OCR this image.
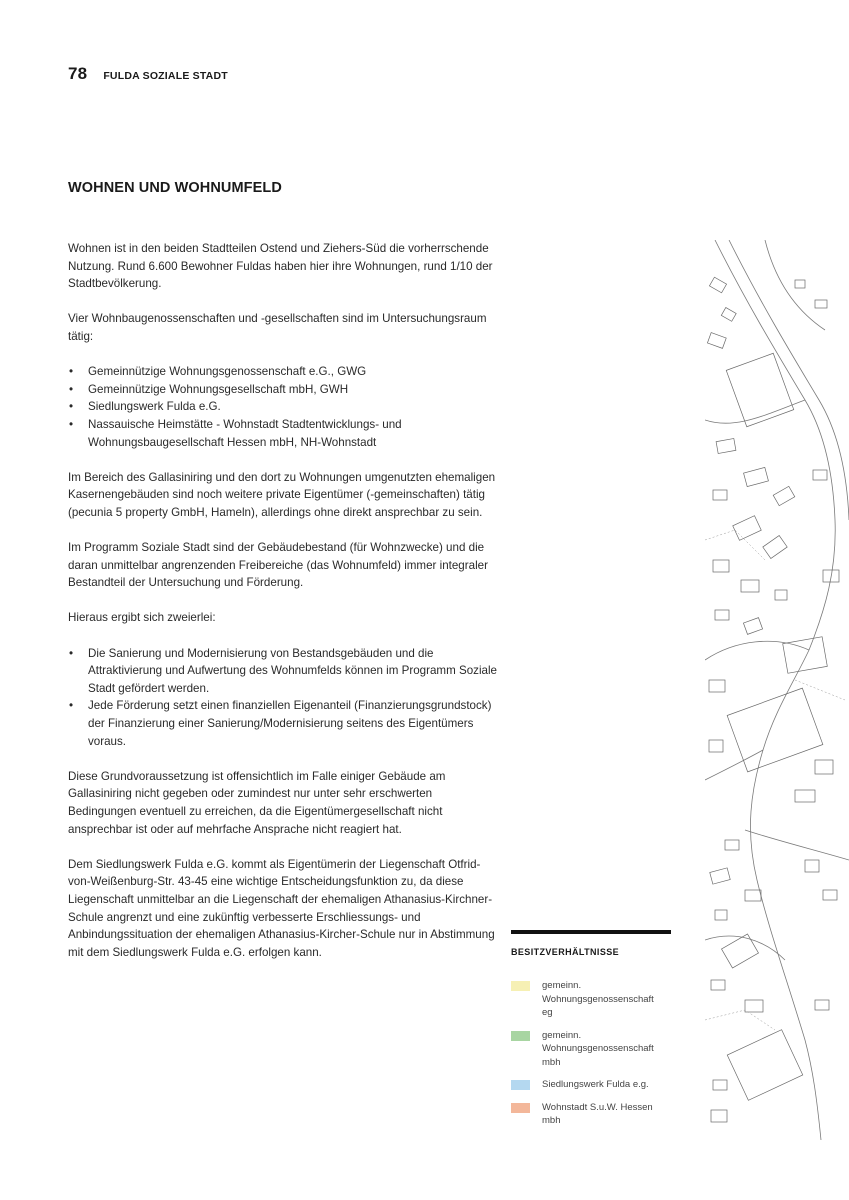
78 FULDA SOZIALE STADT
WOHNEN UND WOHNUMFELD

Wohnen ist in den beiden Stadtteilen Ostend und Ziehers-Süd die vorherrschende Nutzung. Rund 6.600 Bewohner Fuldas haben hier ihre Wohnungen, rund 1/10 der Stadtbevölkerung.

Vier Wohnbaugenossenschaften und -gesellschaften sind im Untersuchungsraum tätig:

• Gemeinnützige Wohnungsgenossenschaft e.G., GWG
• Gemeinnützige Wohnungsgesellschaft mbH, GWH
• Siedlungswerk Fulda e.G.
• Nassauische Heimstätte - Wohnstadt Stadtentwicklungs- und Wohnungsbaugesellschaft Hessen mbH, NH-Wohnstadt

Im Bereich des Gallasiniring und den dort zu Wohnungen umgenutzten ehemaligen Kasernengebäuden sind noch weitere private Eigentümer (-gemeinschaften) tätig (pecunia 5 property GmbH, Hameln), allerdings ohne direkt ansprechbar zu sein.

Im Programm Soziale Stadt sind der Gebäudebestand (für Wohnzwecke) und die daran unmittelbar angrenzenden Freibereiche (das Wohnumfeld) immer integraler Bestandteil der Untersuchung und Förderung.

Hieraus ergibt sich zweierlei:

• Die Sanierung und Modernisierung von Bestandsgebäuden und die Attraktivierung und Aufwertung des Wohnumfelds können im Programm Soziale Stadt gefördert werden.
• Jede Förderung setzt einen finanziellen Eigenanteil (Finanzierungsgrundstock) der Finanzierung einer Sanierung/Modernisierung seitens des Eigentümers voraus.

Diese Grundvoraussetzung ist offensichtlich im Falle einiger Gebäude am Gallasiniring nicht gegeben oder zumindest nur unter sehr erschwerten Bedingungen eventuell zu erreichen, da die Eigentümergesellschaft nicht ansprechbar ist oder auf mehrfache Ansprache nicht reagiert hat.

Dem Siedlungswerk Fulda e.G. kommt als Eigentümerin der Liegenschaft Otfrid-von-Weißenburg-Str. 43-45 eine wichtige Entscheidungsfunktion zu, da diese Liegenschaft unmittelbar an die Liegenschaft der ehemaligen Athanasius-Kirchner-Schule angrenzt und eine zukünftig verbesserte Erschliessungs- und Anbindungssituation der ehemaligen Athanasius-Kircher-Schule nur in Abstimmung mit dem Siedlungswerk Fulda e.G. erfolgen kann.	BESITZVERHÄLTNISSE
gemeinn.
Wohnungsgenossenschaft
eg
gemeinn.
Wohnungsgenossenschaft
mbh
Siedlungswerk Fulda e.g.
Wohnstadt S.u.W. Hessen
mbh
